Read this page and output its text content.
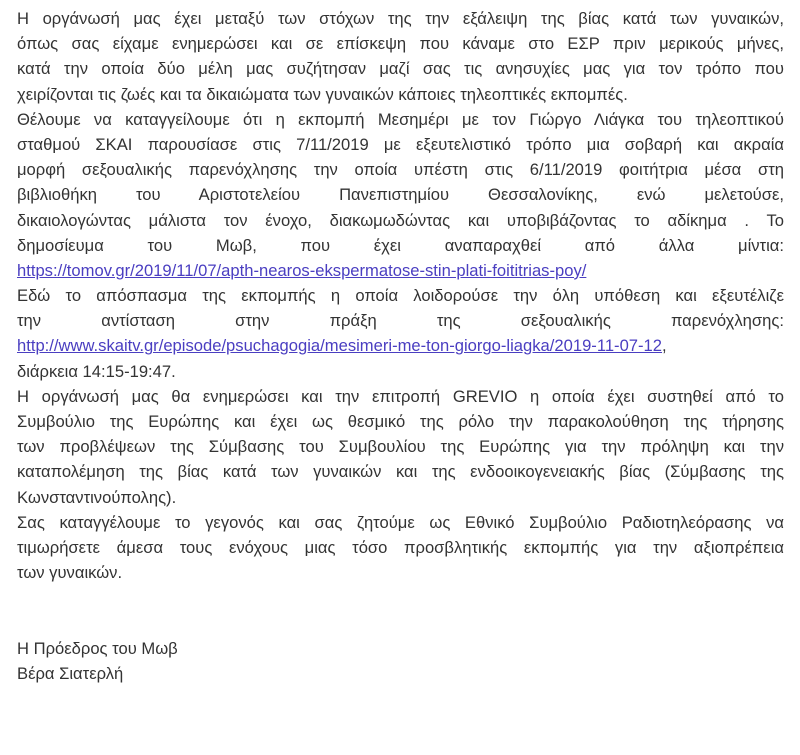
Η οργάνωσή μας έχει μεταξύ των στόχων της την εξάλειψη της βίας κατά των γυναικών,
όπως σας είχαμε ενημερώσει και σε επίσκεψη που κάναμε στο ΕΣΡ πριν μερικούς μήνες,
κατά την οποία δύο μέλη μας συζήτησαν μαζί σας τις ανησυχίες μας για τον τρόπο που
χειρίζονται τις ζωές και τα δικαιώματα των γυναικών κάποιες τηλεοπτικές εκπομπές.
Θέλουμε να καταγγείλουμε ότι η εκπομπή Μεσημέρι με τον Γιώργο Λιάγκα του τηλεοπτικού
σταθμού ΣΚΑΙ παρουσίασε στις 7/11/2019 με εξευτελιστικό τρόπο μια σοβαρή και ακραία
μορφή σεξουαλικής παρενόχλησης την οποία υπέστη στις 6/11/2019 φοιτήτρια μέσα στη
βιβλιοθήκη του Αριστοτελείου Πανεπιστημίου Θεσσαλονίκης, ενώ μελετούσε,
δικαιολογώντας μάλιστα τον ένοχο, διακωμωδώντας και υποβιβάζοντας το αδίκημα . Το
δημοσίευμα του Μωβ, που έχει αναπαραχθεί από άλλα μίντια:
https://tomov.gr/2019/11/07/apth-nearos-ekspermatose-stin-plati-foititrias-poy/
Εδώ το απόσπασμα της εκπομπής η οποία λοιδορούσε την όλη υπόθεση και εξευτέλιζε
την αντίσταση στην πράξη της σεξουαλικής παρενόχλησης:
http://www.skaitv.gr/episode/psuchagogia/mesimeri-me-ton-giorgo-liagka/2019-11-07-12,
διάρκεια 14:15-19:47.
Η οργάνωσή μας θα ενημερώσει και την επιτροπή GREVIO η οποία έχει συστηθεί από το
Συμβούλιο της Ευρώπης και έχει ως θεσμικό της ρόλο την παρακολούθηση της τήρησης
των προβλέψεων της Σύμβασης του Συμβουλίου της Ευρώπης για την πρόληψη και την
καταπολέμηση της βίας κατά των γυναικών και της ενδοοικογενειακής βίας (Σύμβασης της
Κωνσταντινούπολης).
Σας καταγγέλουμε το γεγονός και σας ζητούμε ως Εθνικό Συμβούλιο Ραδιοτηλεόρασης να
τιμωρήσετε άμεσα τους ενόχους μιας τόσο προσβλητικής εκπομπής για την αξιοπρέπεια
των γυναικών.
Η Πρόεδρος του Μωβ
Βέρα Σιατερλή
